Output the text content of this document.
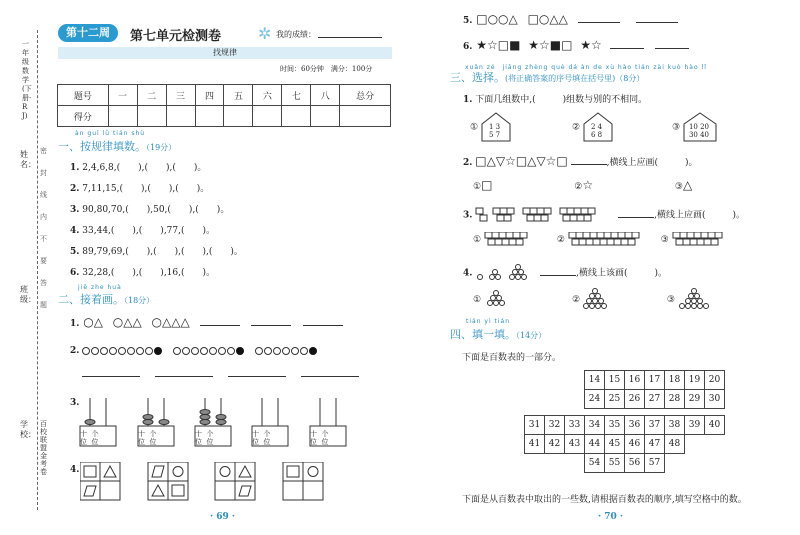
一年级数学(下册·RJ)
姓名：
班级：
学校：
百校联盟金考卷
密 封 线 内 不 要 答 题
第十二周	第七单元检测卷 ✲ 我的成绩：
找规律
时间：60分钟　满分：100分
题号	一	二	三	四	五	六	七	八	总分
得分									
àn guī lǜ tián shù
一、按规律填数。（19分）
1. 2,4,6,8,(　　),(　　),(　　)。
2. 7,11,15,(　　),(　　),(　　)。
3. 90,80,70,(　　),50,(　　),(　　)。
4. 33,44,(　　),(　　),77,(　　)。
5. 89,79,69,(　　),(　　),(　　),(　　)。
6. 32,28,(　　),(　　),16,(　　)。
jiē zhe huà
二、接着画。（18分）
1. ○△ ○△△ ○△△△
2.

3.
十 个
位 位十  个
位  位十  个
位  位十  个
位  位十  个
位  位
4.
· 69 ·
5. □○○△ □○△△
6. ★☆□■ ★☆■□ ★☆
xuǎn zé　jiāng zhèng què dá àn de xù hào tián zài kuò hào lǐ
三、选择。(将正确答案的序号填在括号里)（8分）
1. 下面几组数中,(　　　)组数与别的不相同。
① 1 3
5 7
② 2 4
6 8
③ 10 20
30 40
2. □△▽☆□△▽☆□	,横线上应画(　　　)。
①□	②☆	③△
3.	,横线上应画(　　　)。
①	②	③
4.	,横线上该画(　　　)。
①	②	③
tián yì tián
四、填一填。（14分）
下面是百数表的一部分。
			14	15	16	17	18	19	20
			24	25	26	27	28	29	30

31	32	33	34	35	36	37	38	39	40
41	42	43	44	45	46	47	48		
			54	55	56	57			
下面是从百数表中取出的一些数,请根据百数表的顺序,填写空格中的数。
· 70 ·
